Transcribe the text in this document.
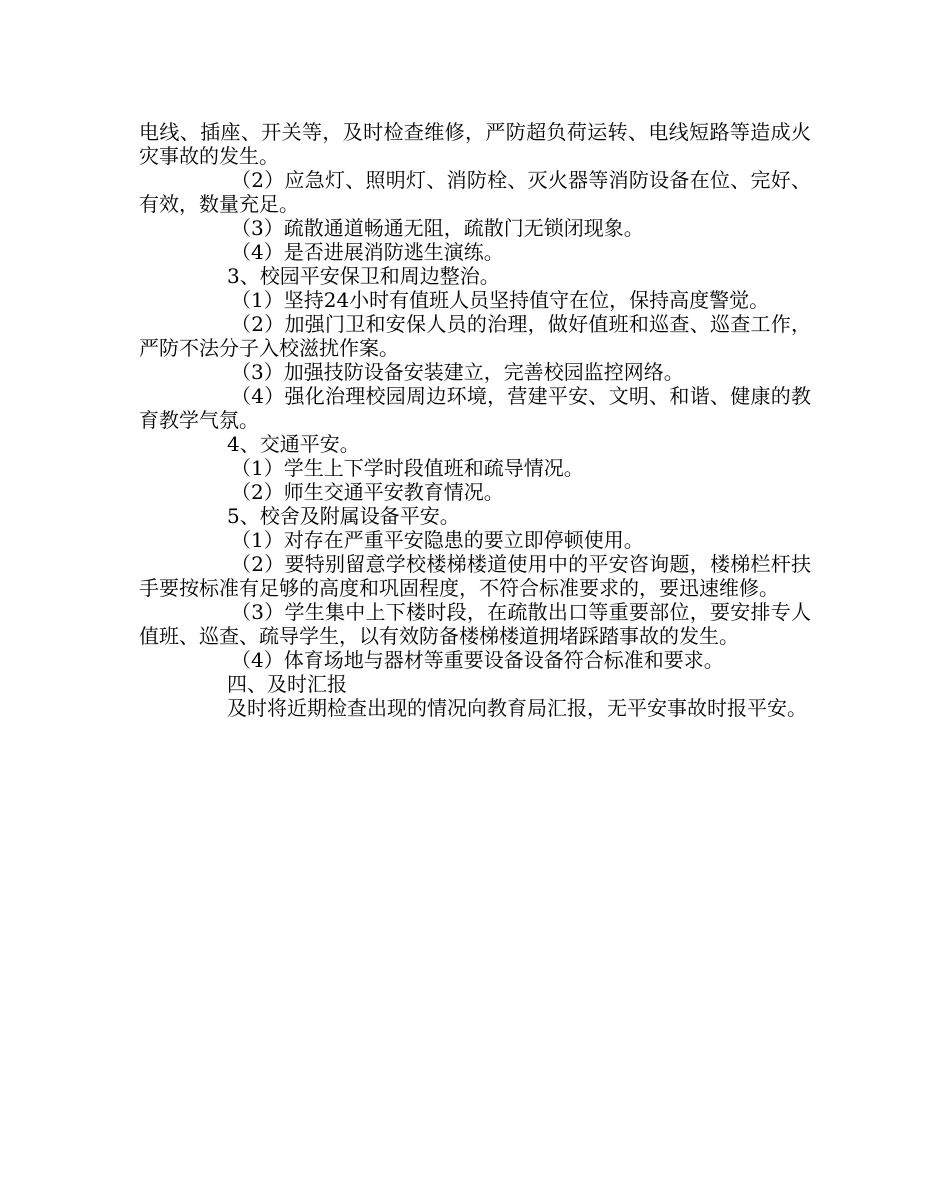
电线、插座、开关等，及时检查维修，严防超负荷运转、电线短路等造成火灾事故的发生。

（2）应急灯、照明灯、消防栓、灭火器等消防设备在位、完好、有效，数量充足。

（3）疏散通道畅通无阻，疏散门无锁闭现象。

（4）是否进展消防逃生演练。

3、校园平安保卫和周边整治。

（1）坚持24小时有值班人员坚持值守在位，保持高度警觉。

（2）加强门卫和安保人员的治理，做好值班和巡查、巡查工作，严防不法分子入校滋扰作案。

（3）加强技防设备安装建立，完善校园监控网络。

（4）强化治理校园周边环境，营建平安、文明、和谐、健康的教育教学气氛。

4、交通平安。

（1）学生上下学时段值班和疏导情况。

（2）师生交通平安教育情况。

5、校舍及附属设备平安。

（1）对存在严重平安隐患的要立即停顿使用。

（2）要特别留意学校楼梯楼道使用中的平安咨询题，楼梯栏杆扶手要按标准有足够的高度和巩固程度，不符合标准要求的，要迅速维修。

（3）学生集中上下楼时段，在疏散出口等重要部位，要安排专人值班、巡查、疏导学生，以有效防备楼梯楼道拥堵踩踏事故的发生。

（4）体育场地与器材等重要设备设备符合标准和要求。

四、及时汇报

及时将近期检查出现的情况向教育局汇报，无平安事故时报平安。
